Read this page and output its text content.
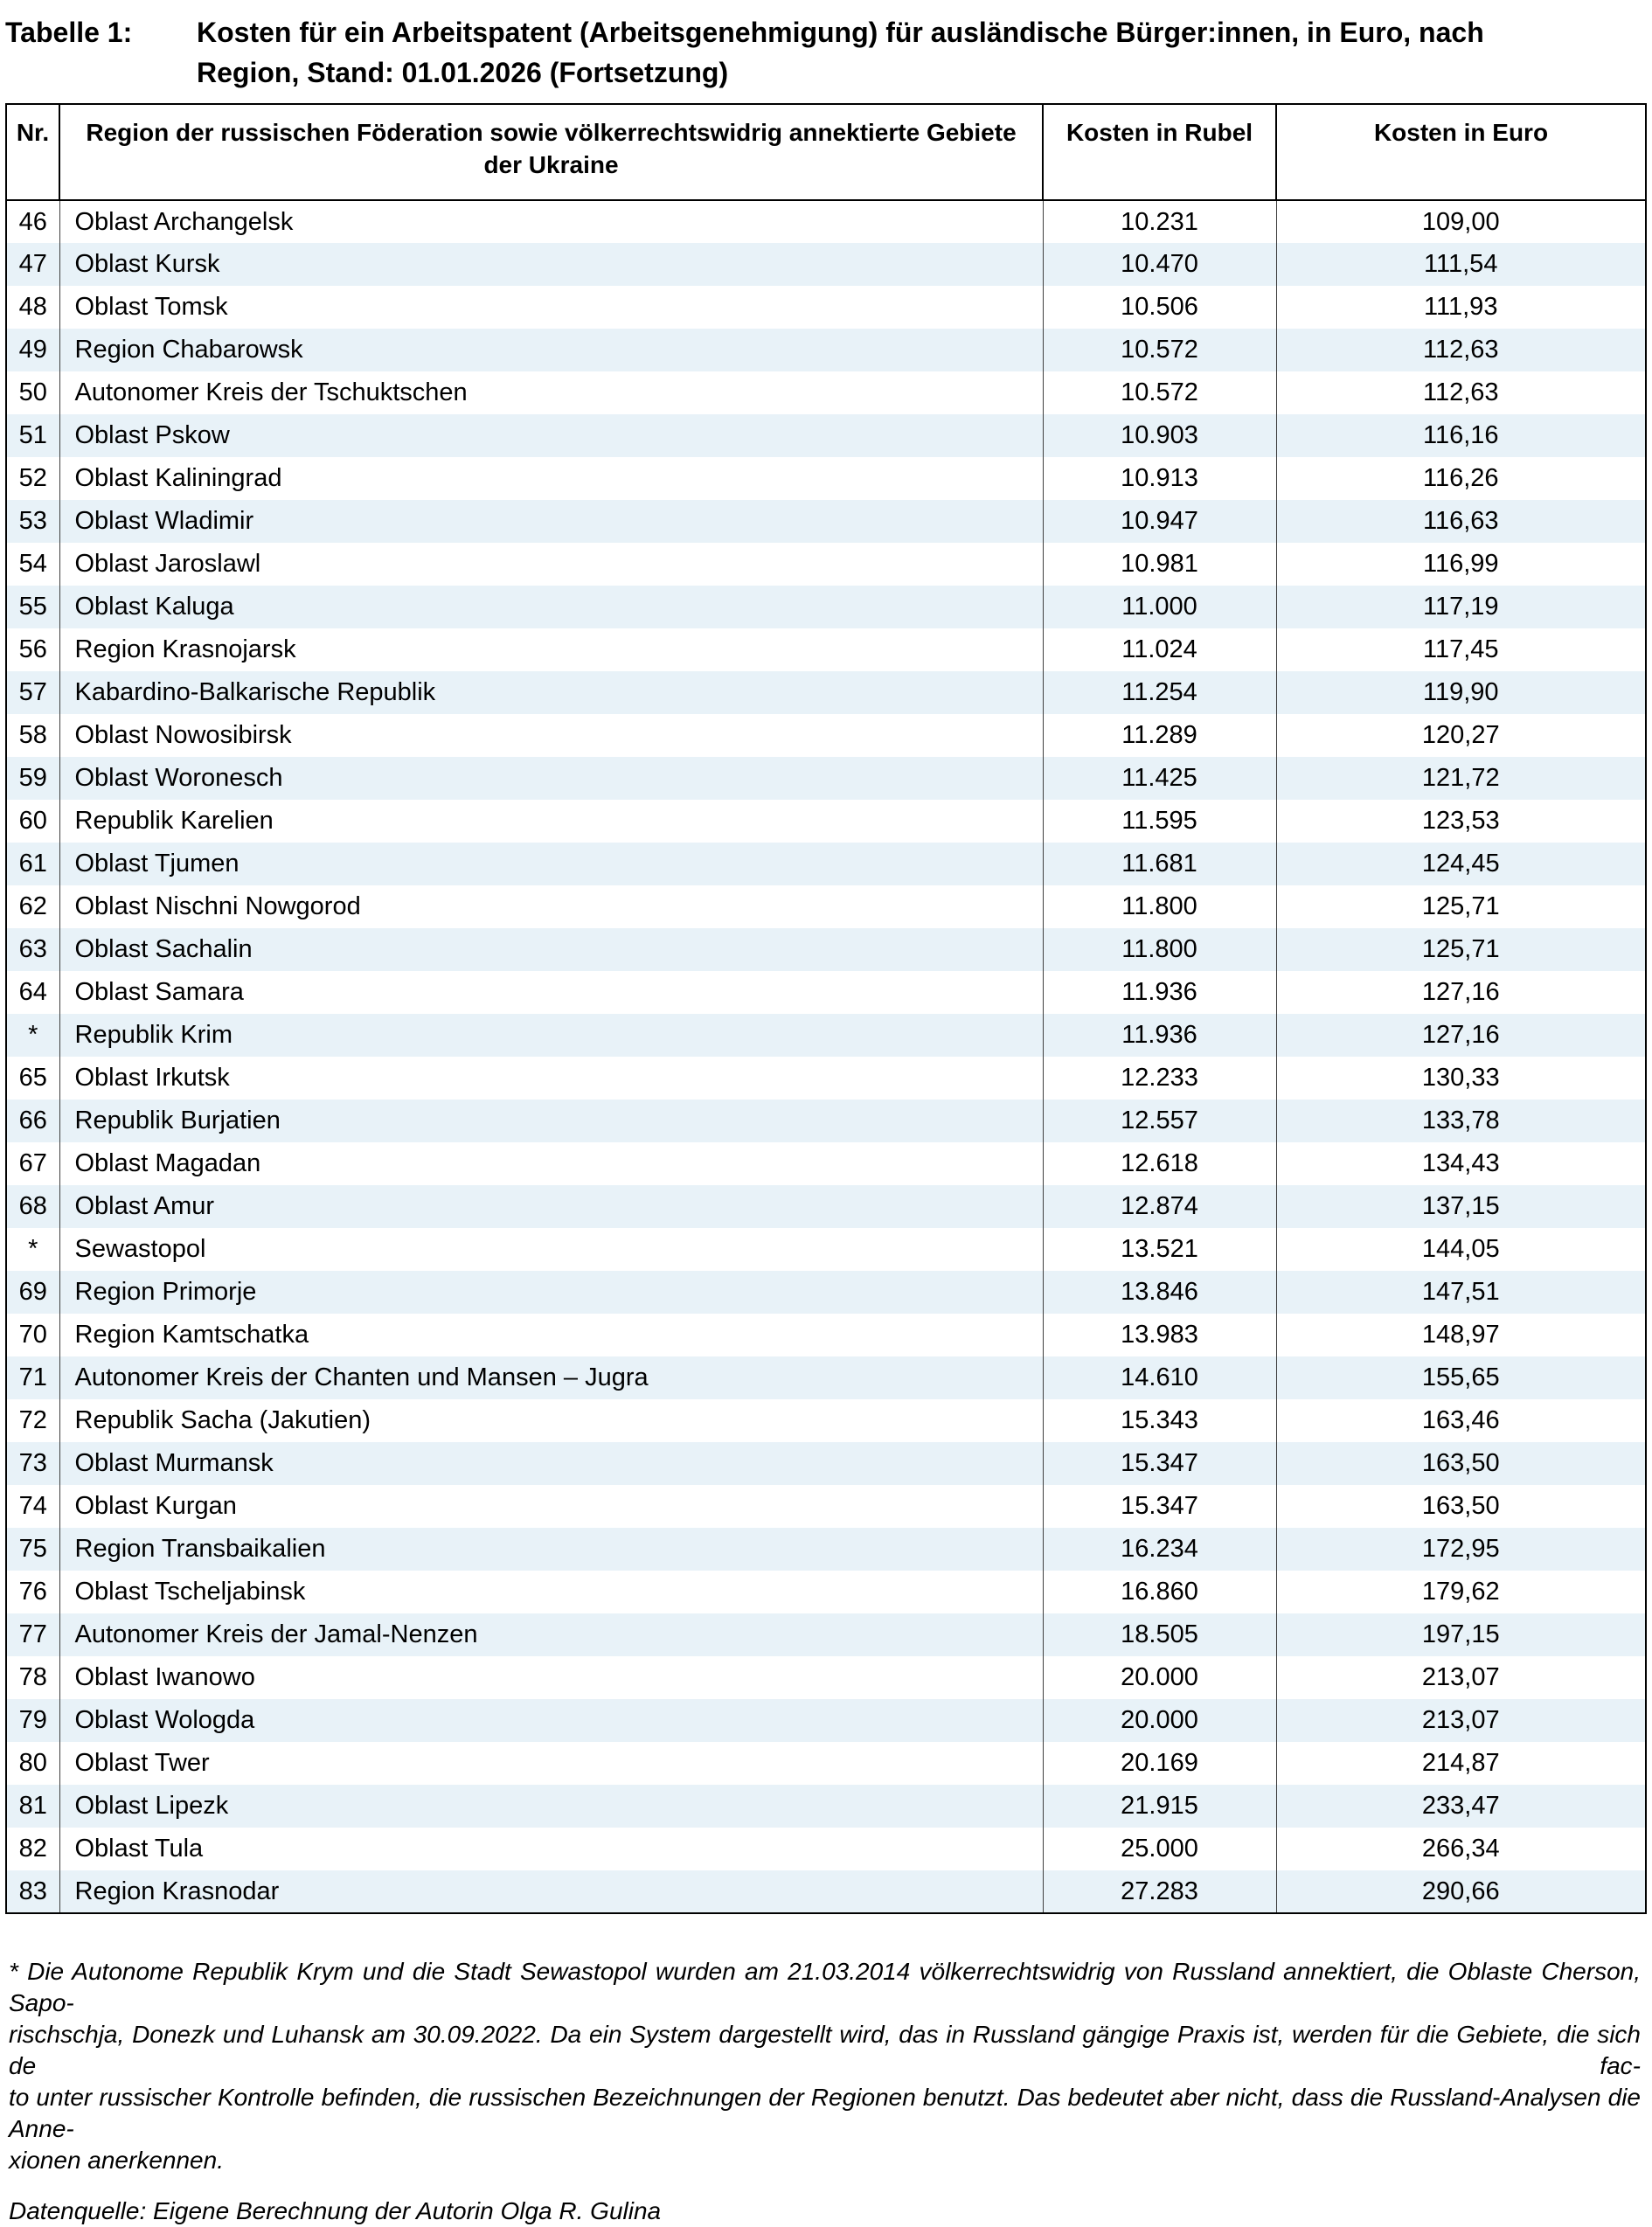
Tabelle 1:	Kosten für ein Arbeitspatent (Arbeitsgenehmigung) für ausländische Bürger:innen, in Euro, nach
Region, Stand: 01.01.2026 (Fortsetzung)
Nr.	Region der russischen Föderation sowie völkerrechtswidrig annektierte Gebiete der Ukraine	Kosten in Rubel	Kosten in Euro
46	Oblast Archangelsk	10.231	109,00
47	Oblast Kursk	10.470	111,54
48	Oblast Tomsk	10.506	111,93
49	Region Chabarowsk	10.572	112,63
50	Autonomer Kreis der Tschuktschen	10.572	112,63
51	Oblast Pskow	10.903	116,16
52	Oblast Kaliningrad	10.913	116,26
53	Oblast Wladimir	10.947	116,63
54	Oblast Jaroslawl	10.981	116,99
55	Oblast Kaluga	11.000	117,19
56	Region Krasnojarsk	11.024	117,45
57	Kabardino-Balkarische Republik	11.254	119,90
58	Oblast Nowosibirsk	11.289	120,27
59	Oblast Woronesch	11.425	121,72
60	Republik Karelien	11.595	123,53
61	Oblast Tjumen	11.681	124,45
62	Oblast Nischni Nowgorod	11.800	125,71
63	Oblast Sachalin	11.800	125,71
64	Oblast Samara	11.936	127,16
*	Republik Krim	11.936	127,16
65	Oblast Irkutsk	12.233	130,33
66	Republik Burjatien	12.557	133,78
67	Oblast Magadan	12.618	134,43
68	Oblast Amur	12.874	137,15
*	Sewastopol	13.521	144,05
69	Region Primorje	13.846	147,51
70	Region Kamtschatka	13.983	148,97
71	Autonomer Kreis der Chanten und Mansen – Jugra	14.610	155,65
72	Republik Sacha (Jakutien)	15.343	163,46
73	Oblast Murmansk	15.347	163,50
74	Oblast Kurgan	15.347	163,50
75	Region Transbaikalien	16.234	172,95
76	Oblast Tscheljabinsk	16.860	179,62
77	Autonomer Kreis der Jamal-Nenzen	18.505	197,15
78	Oblast Iwanowo	20.000	213,07
79	Oblast Wologda	20.000	213,07
80	Oblast Twer	20.169	214,87
81	Oblast Lipezk	21.915	233,47
82	Oblast Tula	25.000	266,34
83	Region Krasnodar	27.283	290,66
* Die Autonome Republik Krym und die Stadt Sewastopol wurden am 21.03.2014 völkerrechtswidrig von Russland annektiert, die Oblaste Cherson, Sapo-
rischschja, Donezk und Luhansk am 30.09.2022. Da ein System dargestellt wird, das in Russland gängige Praxis ist, werden für die Gebiete, die sich de fac-
to unter russischer Kontrolle befinden, die russischen Bezeichnungen der Regionen benutzt. Das bedeutet aber nicht, dass die Russland-Analysen die Anne-
xionen anerkennen.
Datenquelle: Eigene Berechnung der Autorin Olga R. Gulina
